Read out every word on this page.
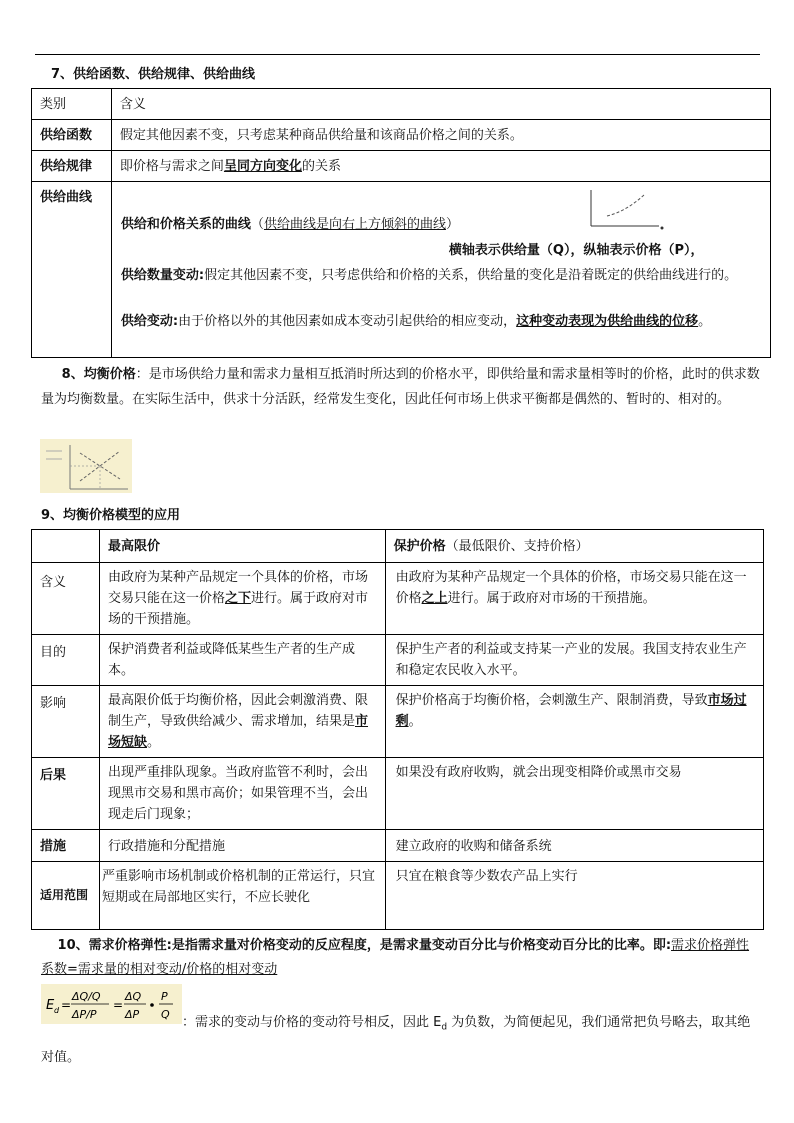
7、供给函数、供给规律、供给曲线
类别	含义
供给函数	假定其他因素不变，只考虑某种商品供给量和该商品价格之间的关系。
供给规律	即价格与需求之间呈同方向变化的关系
供给曲线	供给和价格关系的曲线（供给曲线是向右上方倾斜的曲线）
横轴表示供给量（Q），纵轴表示价格（P），
供给数量变动:假定其他因素不变，只考虑供给和价格的关系，供给量的变化是沿着既定的供给曲线进行的。
供给变动:由于价格以外的其他因素如成本变动引起供给的相应变动，这种变动表现为供给曲线的位移。
8、均衡价格：是市场供给力量和需求力量相互抵消时所达到的价格水平，即供给量和需求量相等时的价格，此时的供求数量为均衡数量。在实际生活中，供求十分活跃，经常发生变化，因此任何市场上供求平衡都是偶然的、暂时的、相对的。
9、均衡价格模型的应用
	最高限价	保护价格（最低限价、支持价格）
含义	由政府为某种产品规定一个具体的价格，市场交易只能在这一价格之下进行。属于政府对市场的干预措施。	由政府为某种产品规定一个具体的价格，市场交易只能在这一价格之上进行。属于政府对市场的干预措施。
目的	保护消费者利益或降低某些生产者的生产成本。	保护生产者的利益或支持某一产业的发展。我国支持农业生产和稳定农民收入水平。
影响	最高限价低于均衡价格，因此会刺激消费、限制生产，导致供给减少、需求增加，结果是市场短缺。	保护价格高于均衡价格，会刺激生产、限制消费，导致市场过剩。
后果	出现严重排队现象。当政府监管不利时，会出现黑市交易和黑市高价；如果管理不当，会出现走后门现象；	如果没有政府收购，就会出现变相降价或黑市交易
措施	行政措施和分配措施	建立政府的收购和储备系统
适用范围	严重影响市场机制或价格机制的正常运行，只宜短期或在局部地区实行，不应长驶化	只宜在粮食等少数农产品上实行
10、需求价格弹性:是指需求量对价格变动的反应程度，是需求量变动百分比与价格变动百分比的比率。即:需求价格弹性系数=需求量的相对变动/价格的相对变动
E d =
ΔQ/Q
ΔP/P
=
ΔQ
ΔP
P
Q
：需求的变动与价格的变动符号相反，因此 $E_d$ 为负数，为简便起见，我们通常把负号略去，取其绝对值。
